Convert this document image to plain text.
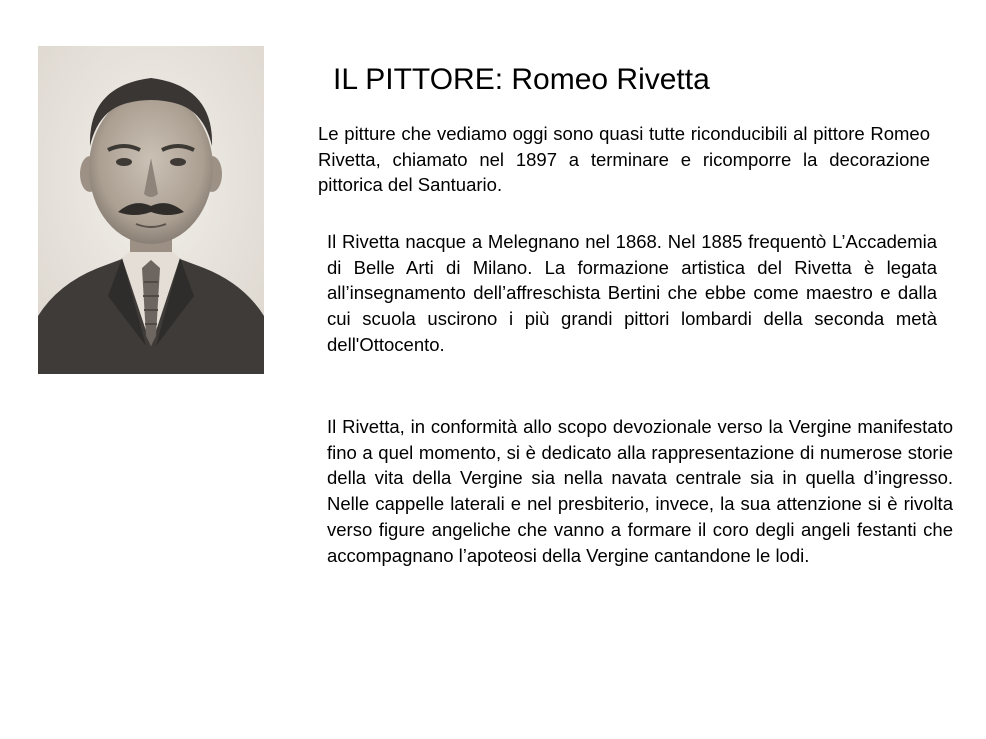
IL PITTORE: Romeo Rivetta

Le pitture che vediamo oggi sono quasi tutte riconducibili al pittore Romeo Rivetta, chiamato nel 1897 a terminare e ricomporre la decorazione pittorica del Santuario.

Il Rivetta nacque a Melegnano nel 1868. Nel 1885 frequentò L’Accademia di Belle Arti di Milano. La formazione artistica del Rivetta è legata all’insegnamento dell’affreschista Bertini che ebbe come maestro e dalla cui scuola uscirono i più grandi pittori lombardi della seconda metà dell'Ottocento.

Il Rivetta, in conformità allo scopo devozionale verso la Vergine manifestato fino a quel momento, si è dedicato alla rappresentazione di numerose storie della vita della Vergine sia nella navata centrale sia in quella d’ingresso. Nelle cappelle laterali e nel presbiterio, invece, la sua attenzione si è rivolta verso figure angeliche che vanno a formare il coro degli angeli festanti che accompagnano l’apoteosi della Vergine cantandone le lodi.
